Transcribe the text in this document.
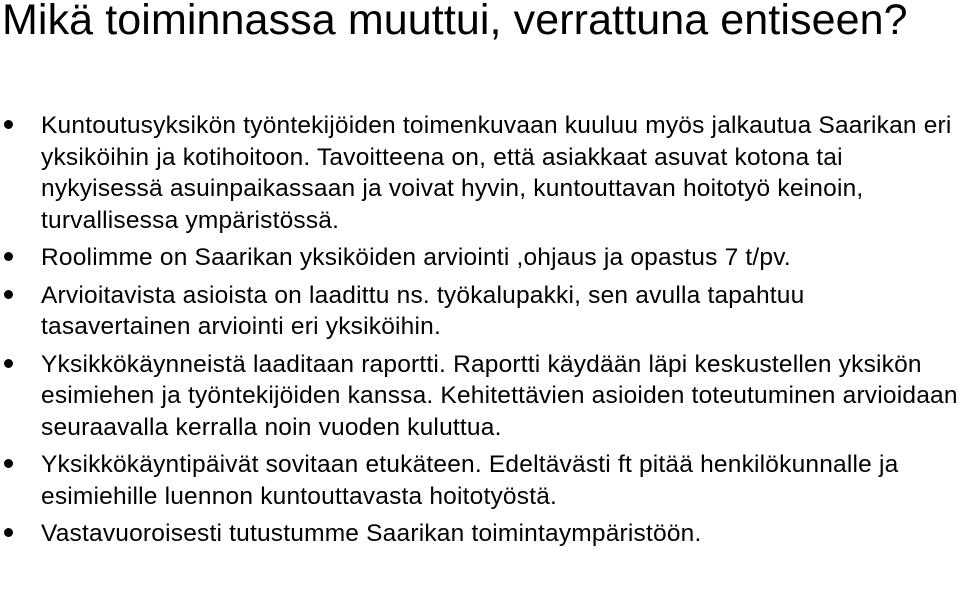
Mikä toiminnassa muuttui, verrattuna entiseen?
Kuntoutusyksikön työntekijöiden toimenkuvaan kuuluu myös jalkautua Saarikan eri yksiköihin ja kotihoitoon. Tavoitteena on, että asiakkaat asuvat kotona tai nykyisessä asuinpaikassaan ja voivat hyvin, kuntouttavan hoitotyö keinoin, turvallisessa ympäristössä.
Roolimme on Saarikan yksiköiden arviointi ,ohjaus ja opastus 7 t/pv.
Arvioitavista asioista on laadittu ns. työkalupakki, sen avulla tapahtuu tasavertainen arviointi eri yksiköihin.
Yksikkökäynneistä laaditaan raportti. Raportti käydään läpi keskustellen yksikön esimiehen ja työntekijöiden kanssa. Kehitettävien asioiden toteutuminen arvioidaan seuraavalla kerralla noin vuoden kuluttua.
Yksikkökäyntipäivät sovitaan etukäteen. Edeltävästi ft pitää henkilökunnalle ja esimiehille luennon kuntouttavasta hoitotyöstä.
Vastavuoroisesti tutustumme Saarikan toimintaympäristöön.
